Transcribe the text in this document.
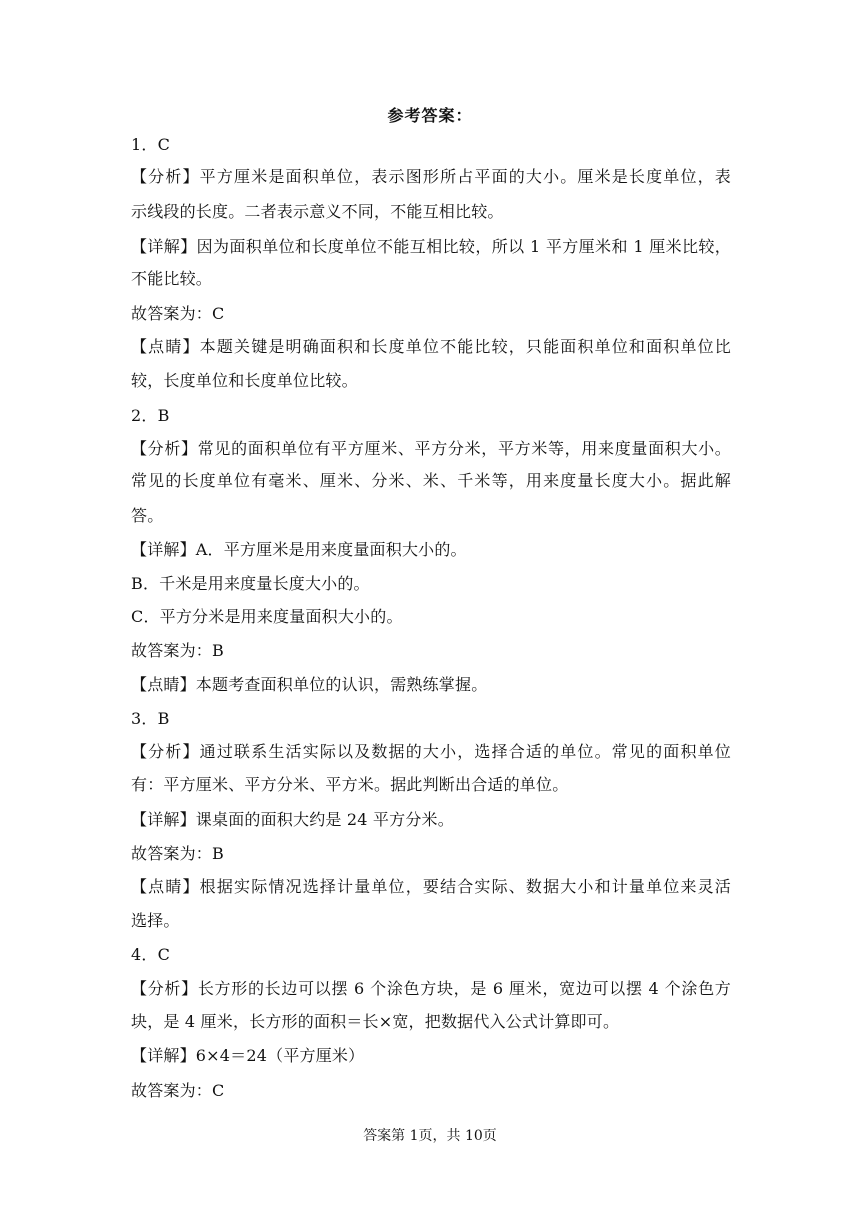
参考答案：
1．C
【分析】平方厘米是面积单位，表示图形所占平面的大小。厘米是长度单位，表
示线段的长度。二者表示意义不同，不能互相比较。
【详解】因为面积单位和长度单位不能互相比较，所以 1 平方厘米和 1 厘米比较，
不能比较。
故答案为：C
【点睛】本题关键是明确面积和长度单位不能比较，只能面积单位和面积单位比
较，长度单位和长度单位比较。
2．B
【分析】常见的面积单位有平方厘米、平方分米，平方米等，用来度量面积大小。
常见的长度单位有毫米、厘米、分米、米、千米等，用来度量长度大小。据此解
答。
【详解】A．平方厘米是用来度量面积大小的。
B．千米是用来度量长度大小的。
C．平方分米是用来度量面积大小的。
故答案为：B
【点睛】本题考查面积单位的认识，需熟练掌握。
3．B
【分析】通过联系生活实际以及数据的大小，选择合适的单位。常见的面积单位
有：平方厘米、平方分米、平方米。据此判断出合适的单位。
【详解】课桌面的面积大约是 24 平方分米。
故答案为：B
【点睛】根据实际情况选择计量单位，要结合实际、数据大小和计量单位来灵活
选择。
4．C
【分析】长方形的长边可以摆 6 个涂色方块，是 6 厘米，宽边可以摆 4 个涂色方
块，是 4 厘米，长方形的面积＝长×宽，把数据代入公式计算即可。
【详解】6×4＝24（平方厘米）
故答案为：C
答案第 1页，共 10页
